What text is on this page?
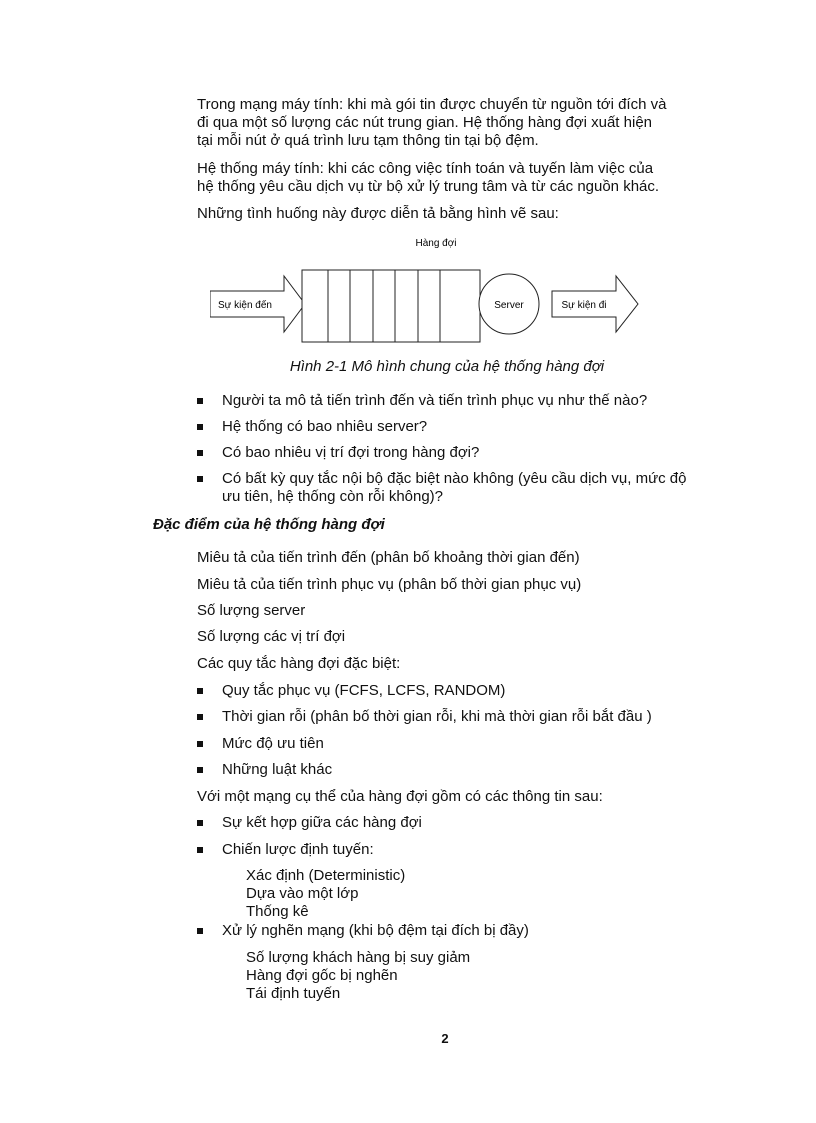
Trong mạng máy tính: khi mà gói tin được chuyển từ nguồn tới đích và
đi qua một số lượng các nút trung gian. Hệ thống hàng đợi xuất hiện
tại mỗi nút ở quá trình lưu tạm thông tin tại bộ đệm.
Hệ thống máy tính: khi các công việc tính toán và tuyến làm việc của
hệ thống yêu cầu dịch vụ từ bộ xử lý trung tâm và từ các nguồn khác.
Những tình huống này được diễn tả bằng hình vẽ sau:
Hàng đợi
Sự kiện đến	Server	Sự kiện đi
Hình 2-1 Mô hình chung của hệ thống hàng đợi
Người ta mô tả tiến trình đến và tiến trình phục vụ như thế nào?
Hệ thống có bao nhiêu server?
Có bao nhiêu vị trí đợi trong hàng đợi?
Có bất kỳ quy tắc nội bộ đặc biệt nào không (yêu cầu dịch vụ, mức độ ưu tiên, hệ thống còn rỗi không)?
Đặc điểm của hệ thống hàng đợi
Miêu tả của tiến trình đến (phân bố khoảng thời gian đến)
Miêu tả của tiến trình phục vụ (phân bố thời gian phục vụ)
Số lượng server
Số lượng các vị trí đợi
Các quy tắc hàng đợi đặc biệt:
Quy tắc phục vụ (FCFS, LCFS, RANDOM)
Thời gian rỗi (phân bố thời gian rỗi, khi mà thời gian rỗi bắt đầu )
Mức độ ưu tiên
Những luật khác
Với một mạng cụ thể của hàng đợi gồm có các thông tin sau:
Sự kết hợp giữa các hàng đợi
Chiến lược định tuyến:
Xác định (Deterministic)
Dựa vào một lớp
Thống kê
Xử lý nghẽn mạng (khi bộ đệm tại đích bị đầy)
Số lượng khách hàng bị suy giảm
Hàng đợi gốc bị nghẽn
Tái định tuyến
2
